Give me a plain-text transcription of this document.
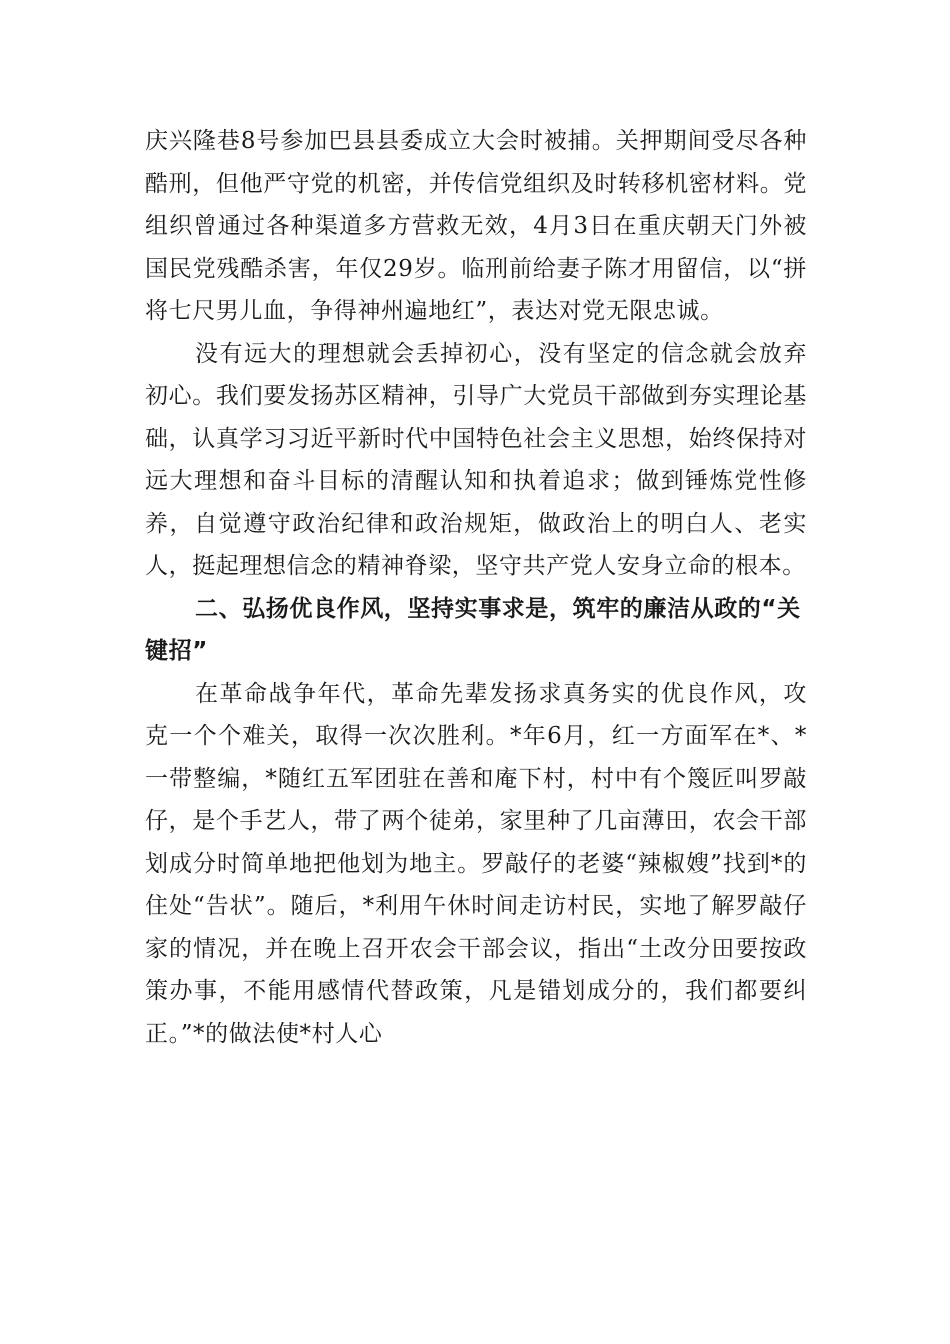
庆兴隆巷8号参加巴县县委成立大会时被捕。关押期间受尽各种酷刑，但他严守党的机密，并传信党组织及时转移机密材料。党组织曾通过各种渠道多方营救无效，4月3日在重庆朝天门外被国民党残酷杀害，年仅29岁。临刑前给妻子陈才用留信，以“拼将七尺男儿血，争得神州遍地红”，表达对党无限忠诚。

没有远大的理想就会丢掉初心，没有坚定的信念就会放弃初心。我们要发扬苏区精神，引导广大党员干部做到夯实理论基础，认真学习习近平新时代中国特色社会主义思想，始终保持对远大理想和奋斗目标的清醒认知和执着追求；做到锤炼党性修养，自觉遵守政治纪律和政治规矩，做政治上的明白人、老实人，挺起理想信念的精神脊梁，坚守共产党人安身立命的根本。

二、弘扬优良作风，坚持实事求是，筑牢的廉洁从政的“关键招”

在革命战争年代，革命先辈发扬求真务实的优良作风，攻克一个个难关，取得一次次胜利。*年6月，红一方面军在*、*一带整编，*随红五军团驻在善和庵下村，村中有个篾匠叫罗敲仔，是个手艺人，带了两个徒弟，家里种了几亩薄田，农会干部划成分时简单地把他划为地主。罗敲仔的老婆“辣椒嫂”找到*的住处“告状”。随后，*利用午休时间走访村民，实地了解罗敲仔家的情况，并在晚上召开农会干部会议，指出“土改分田要按政策办事，不能用感情代替政策，凡是错划成分的，我们都要纠正。”*的做法使*村人心
